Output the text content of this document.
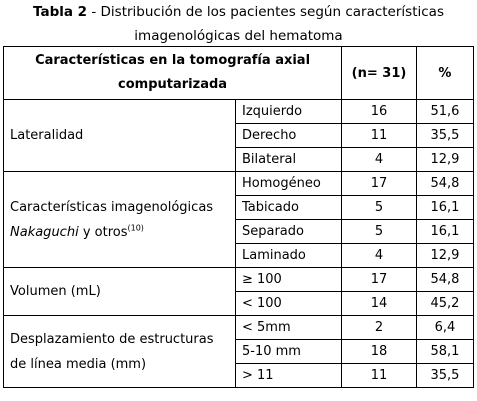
Tabla 2 - Distribución de los pacientes según características imagenológicas del hematoma
Características en la tomografía axial computarizada		(n= 31)	%
Lateralidad	Izquierdo	16	51,6
	Derecho	11	35,5
	Bilateral	4	12,9
Características imagenológicas
Nakaguchi y otros$^{(10)}$	Homogéneo	17	54,8
	Tabicado	5	16,1
	Separado	5	16,1
	Laminado	4	12,9
Volumen (mL)	≥ 100	17	54,8
	< 100	14	45,2
Desplazamiento de estructuras
de línea media (mm)	< 5mm	2	6,4
	5-10 mm	18	58,1
	> 11	11	35,5
